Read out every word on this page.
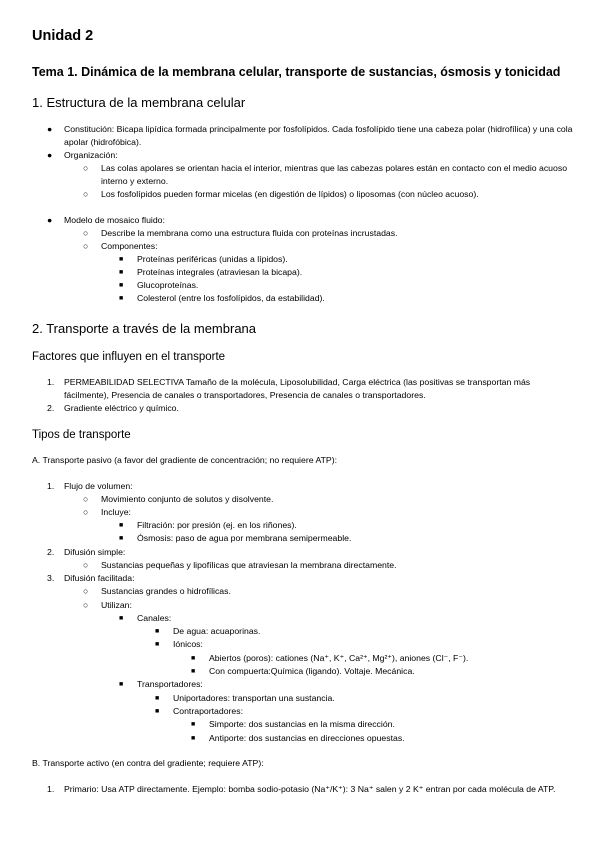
Unidad 2
Tema 1. Dinámica de la membrana celular, transporte de sustancias, ósmosis y tonicidad
1. Estructura de la membrana celular
● Constitución: Bicapa lipídica formada principalmente por fosfolípidos. Cada fosfolípido tiene una cabeza polar (hidrofílica) y una cola apolar (hidrofóbica).
● Organización:
○ Las colas apolares se orientan hacia el interior, mientras que las cabezas polares están en contacto con el medio acuoso interno y externo.
○ Los fosfolípidos pueden formar micelas (en digestión de lípidos) o liposomas (con núcleo acuoso).
● Modelo de mosaico fluido:
○ Describe la membrana como una estructura fluida con proteínas incrustadas.
○ Componentes:
■ Proteínas periféricas (unidas a lípidos).
■ Proteínas integrales (atraviesan la bicapa).
■ Glucoproteínas.
■ Colesterol (entre los fosfolípidos, da estabilidad).
2. Transporte a través de la membrana
Factores que influyen en el transporte
1. PERMEABILIDAD SELECTIVA Tamaño de la molécula, Liposolubilidad, Carga eléctrica (las positivas se transportan más fácilmente), Presencia de canales o transportadores, Presencia de canales o transportadores.
2. Gradiente eléctrico y químico.
Tipos de transporte
A. Transporte pasivo (a favor del gradiente de concentración; no requiere ATP):
1. Flujo de volumen:
○ Movimiento conjunto de solutos y disolvente.
○ Incluye:
■ Filtración: por presión (ej. en los riñones).
■ Ósmosis: paso de agua por membrana semipermeable.
2. Difusión simple:
○ Sustancias pequeñas y lipofílicas que atraviesan la membrana directamente.
3. Difusión facilitada:
○ Sustancias grandes o hidrofílicas.
○ Utilizan:
■ Canales:
■ De agua: acuaporinas.
■ Iónicos:
■ Abiertos (poros): cationes (Na⁺, K⁺, Ca²⁺, Mg²⁺), aniones (Cl⁻, F⁻).
■ Con compuerta:Química (ligando). Voltaje. Mecánica.
■ Transportadores:
■ Uniportadores: transportan una sustancia.
■ Contraportadores:
■ Simporte: dos sustancias en la misma dirección.
■ Antiporte: dos sustancias en direcciones opuestas.
B. Transporte activo (en contra del gradiente; requiere ATP):
1. Primario: Usa ATP directamente. Ejemplo: bomba sodio-potasio (Na⁺/K⁺): 3 Na⁺ salen y 2 K⁺ entran por cada molécula de ATP.
